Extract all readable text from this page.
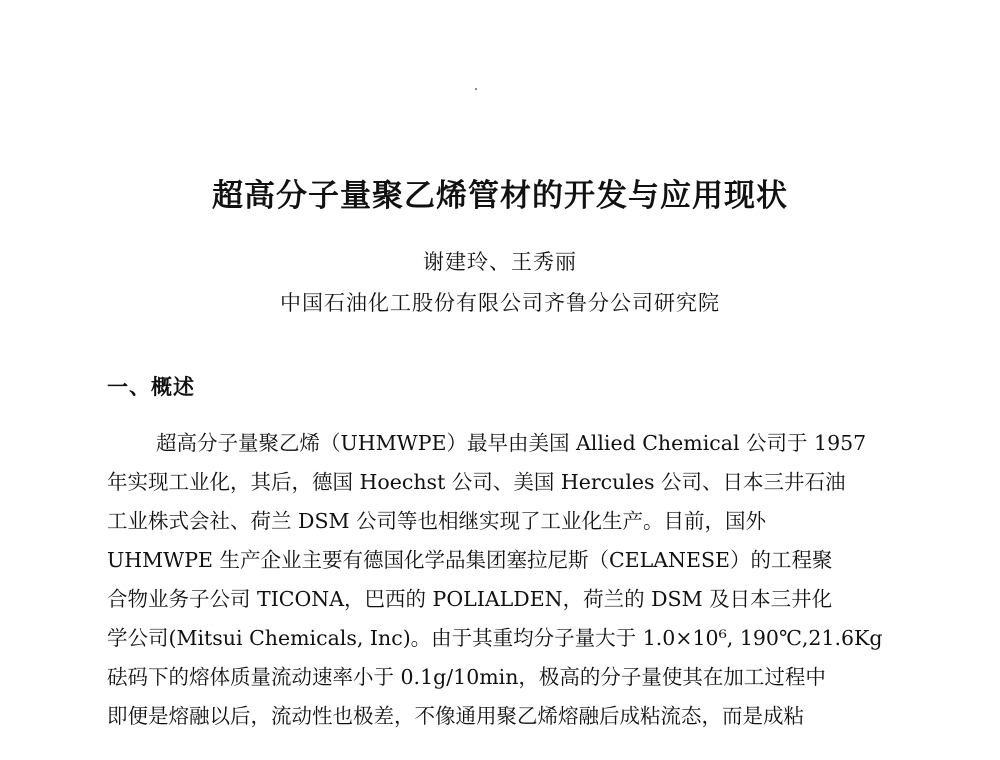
超高分子量聚乙烯管材的开发与应用现状
谢建玲、王秀丽
中国石油化工股份有限公司齐鲁分公司研究院
一、概述
超高分子量聚乙烯（UHMWPE）最早由美国 Allied Chemical 公司于 1957
年实现工业化，其后，德国 Hoechst 公司、美国 Hercules 公司、日本三井石油
工业株式会社、荷兰 DSM 公司等也相继实现了工业化生产。目前，国外
UHMWPE 生产企业主要有德国化学品集团塞拉尼斯（CELANESE）的工程聚
合物业务子公司 TICONA，巴西的 POLIALDEN，荷兰的 DSM 及日本三井化
学公司(Mitsui Chemicals, Inc)。由于其重均分子量大于 1.0×10⁶, 190℃,21.6Kg
砝码下的熔体质量流动速率小于 0.1g/10min，极高的分子量使其在加工过程中
即便是熔融以后，流动性也极差，不像通用聚乙烯熔融后成粘流态，而是成粘
